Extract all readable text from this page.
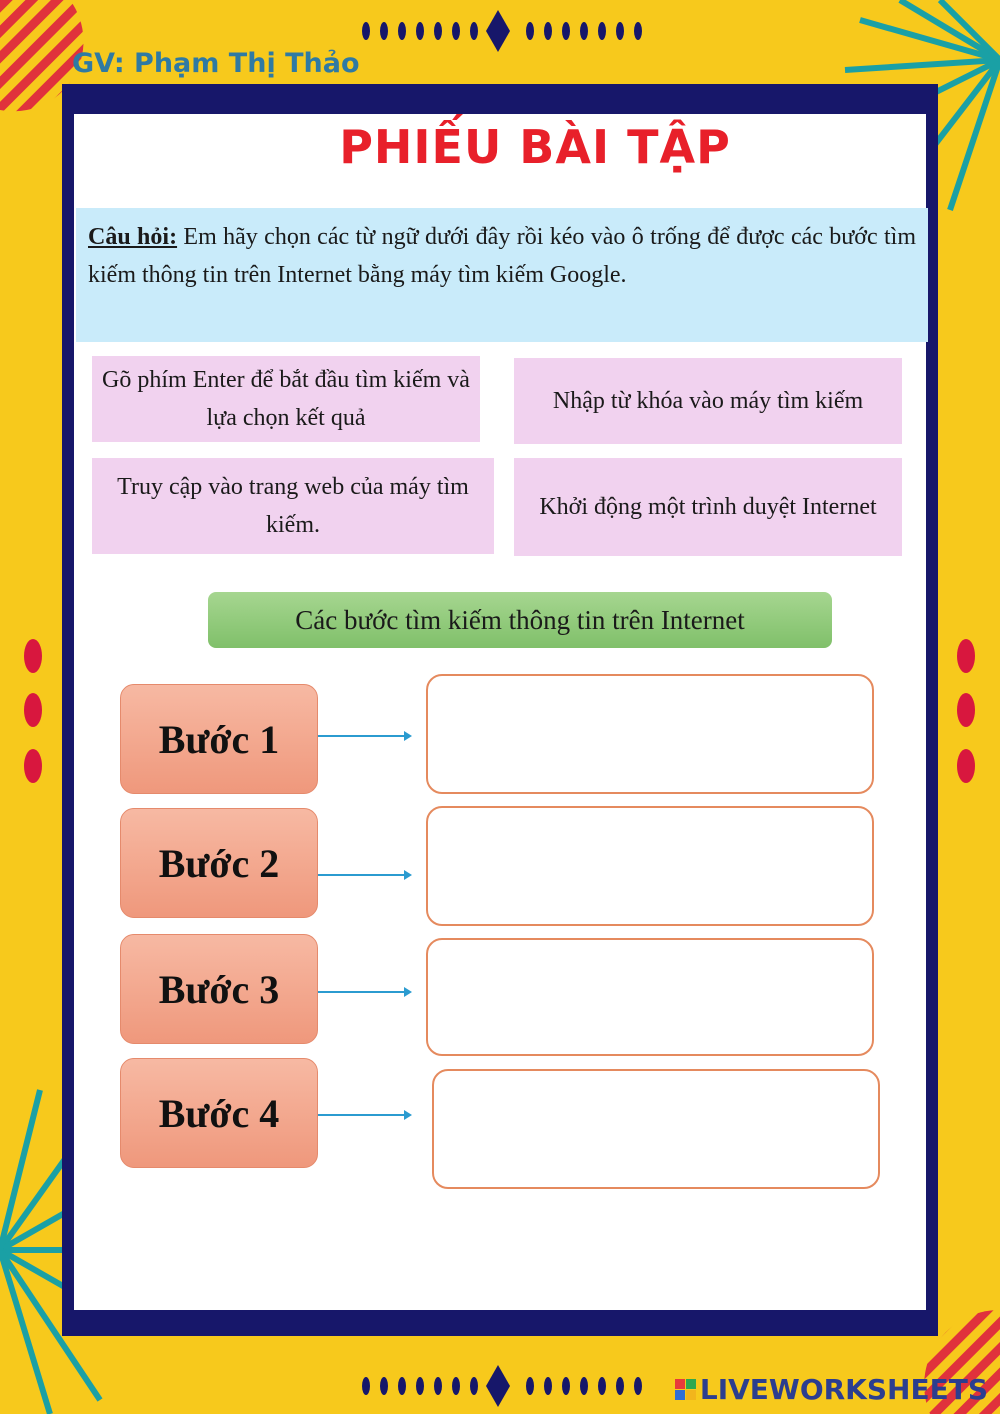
GV: Phạm Thị Thảo
PHIẾU BÀI TẬP
Câu hỏi: Em hãy chọn các từ ngữ dưới đây rồi kéo vào ô trống để được các bước tìm kiếm thông tin trên Internet bằng máy tìm kiếm Google.
Gõ phím Enter để bắt đầu tìm kiếm và lựa chọn kết quả
Nhập từ khóa vào máy tìm kiếm
Truy cập vào trang web của máy tìm kiếm.
Khởi động một trình duyệt Internet
Các bước tìm kiếm thông tin trên Internet
Bước 1
Bước 2
Bước 3
Bước 4
LIVEWORKSHEETS
